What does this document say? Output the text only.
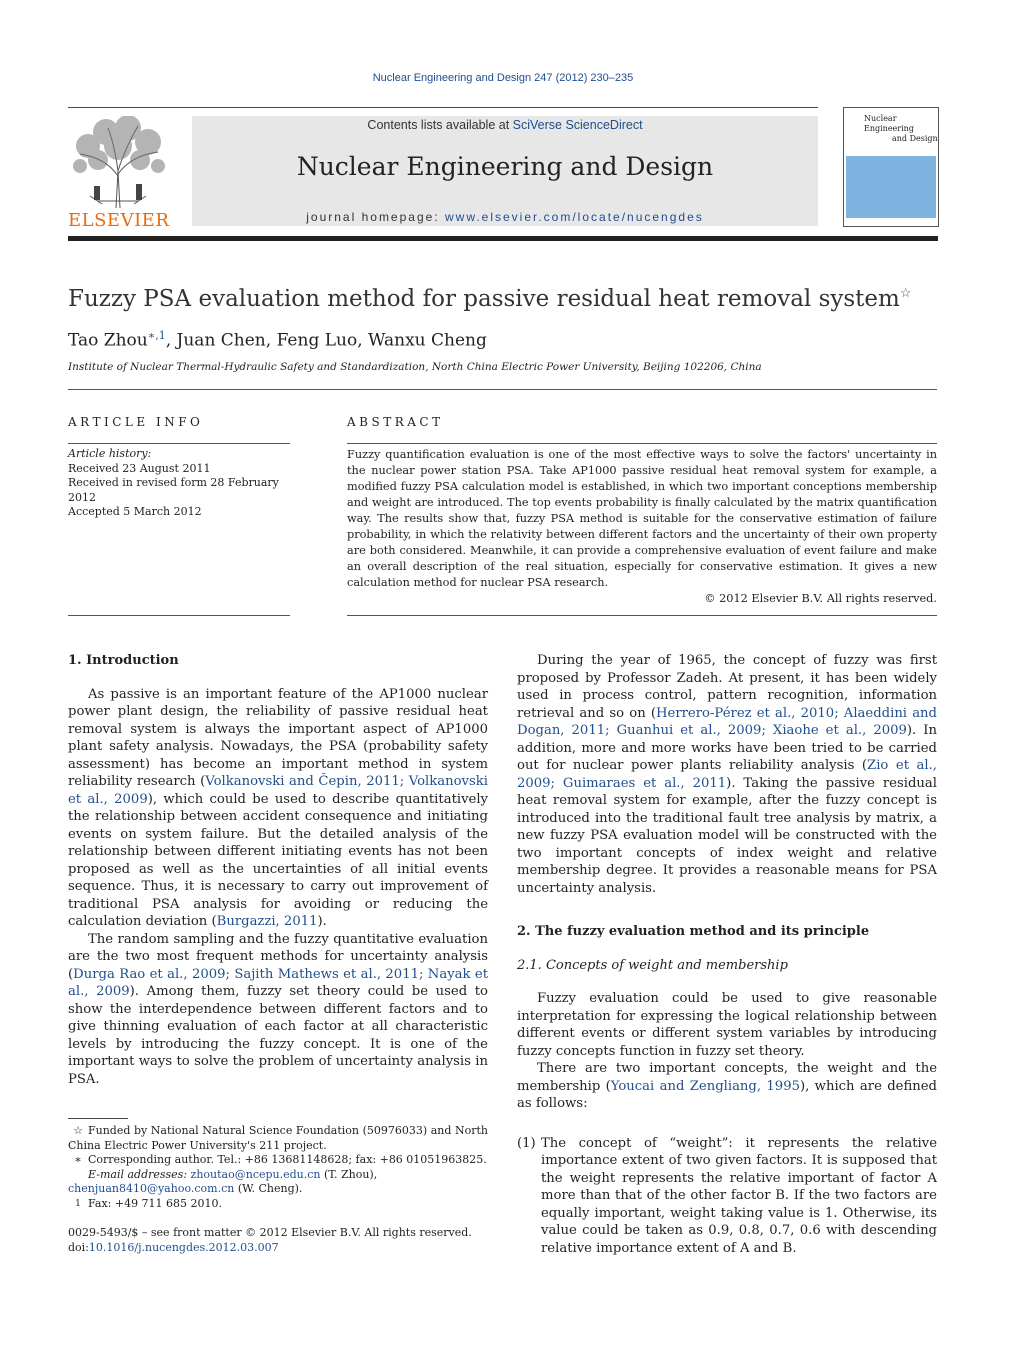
Nuclear Engineering and Design 247 (2012) 230–235
ELSEVIER
Contents lists available at SciVerse ScienceDirect
Nuclear Engineering and Design
journal homepage: www.elsevier.com/locate/nucengdes
Nuclear Engineering
and Design
Fuzzy PSA evaluation method for passive residual heat removal system☆
Tao Zhou$^{∗,1}$, Juan Chen, Feng Luo, Wanxu Cheng
Institute of Nuclear Thermal-Hydraulic Safety and Standardization, North China Electric Power University, Beijing 102206, China
ARTICLE INFO	ABSTRACT
Article history:
Received 23 August 2011
Received in revised form 28 February 2012
Accepted 5 March 2012
Fuzzy quantification evaluation is one of the most effective ways to solve the factors' uncertainty in the nuclear power station PSA. Take AP1000 passive residual heat removal system for example, a modified fuzzy PSA calculation model is established, in which two important conceptions membership and weight are introduced. The top events probability is finally calculated by the matrix quantification way. The results show that, fuzzy PSA method is suitable for the conservative estimation of failure probability, in which the relativity between different factors and the uncertainty of their own property are both considered. Meanwhile, it can provide a comprehensive evaluation of event failure and make an overall description of the real situation, especially for conservative estimation. It gives a new calculation method for nuclear PSA research.
© 2012 Elsevier B.V. All rights reserved.
1. Introduction

As passive is an important feature of the AP1000 nuclear power plant design, the reliability of passive residual heat removal system is always the important aspect of AP1000 plant safety analysis. Nowadays, the PSA (probability safety assessment) has become an important method in system reliability research (Volkanovski and Čepin, 2011; Volkanovski et al., 2009), which could be used to describe quantitatively the relationship between accident consequence and initiating events on system failure. But the detailed analysis of the relationship between different initiating events has not been proposed as well as the uncertainties of all initial events sequence. Thus, it is necessary to carry out improvement of traditional PSA analysis for avoiding or reducing the calculation deviation (Burgazzi, 2011).

The random sampling and the fuzzy quantitative evaluation are the two most frequent methods for uncertainty analysis (Durga Rao et al., 2009; Sajith Mathews et al., 2011; Nayak et al., 2009). Among them, fuzzy set theory could be used to show the interdependence between different factors and to give thinning evaluation of each factor at all characteristic levels by introducing the fuzzy concept. It is one of the important ways to solve the problem of uncertainty analysis in PSA.

During the year of 1965, the concept of fuzzy was first proposed by Professor Zadeh. At present, it has been widely used in process control, pattern recognition, information retrieval and so on (Herrero-Pérez et al., 2010; Alaeddini and Dogan, 2011; Guanhui et al., 2009; Xiaohe et al., 2009). In addition, more and more works have been tried to be carried out for nuclear power plants reliability analysis (Zio et al., 2009; Guimaraes et al., 2011). Taking the passive residual heat removal system for example, after the fuzzy concept is introduced into the traditional fault tree analysis by matrix, a new fuzzy PSA evaluation model will be constructed with the two important concepts of index weight and relative membership degree. It provides a reasonable means for PSA uncertainty analysis.

2. The fuzzy evaluation method and its principle
2.1. Concepts of weight and membership

Fuzzy evaluation could be used to give reasonable interpretation for expressing the logical relationship between different events or different system variables by introducing fuzzy concepts function in fuzzy set theory.

There are two important concepts, the weight and the membership (Youcai and Zengliang, 1995), which are defined as follows:

(1) The concept of “weight”: it represents the relative importance extent of two given factors. It is supposed that the weight represents the relative important of factor A more than that of the other factor B. If the two factors are equally important, weight taking value is 1. Otherwise, its value could be taken as 0.9, 0.8, 0.7, 0.6 with descending relative importance extent of A and B.
☆ Funded by National Natural Science Foundation (50976033) and North China Electric Power University's 211 project.
∗ Corresponding author. Tel.: +86 13681148628; fax: +86 01051963825.
E-mail addresses: zhoutao@ncepu.edu.cn (T. Zhou),
chenjuan8410@yahoo.com.cn (W. Cheng).
1 Fax: +49 711 685 2010.
0029-5493/$ – see front matter © 2012 Elsevier B.V. All rights reserved.
doi:10.1016/j.nucengdes.2012.03.007
